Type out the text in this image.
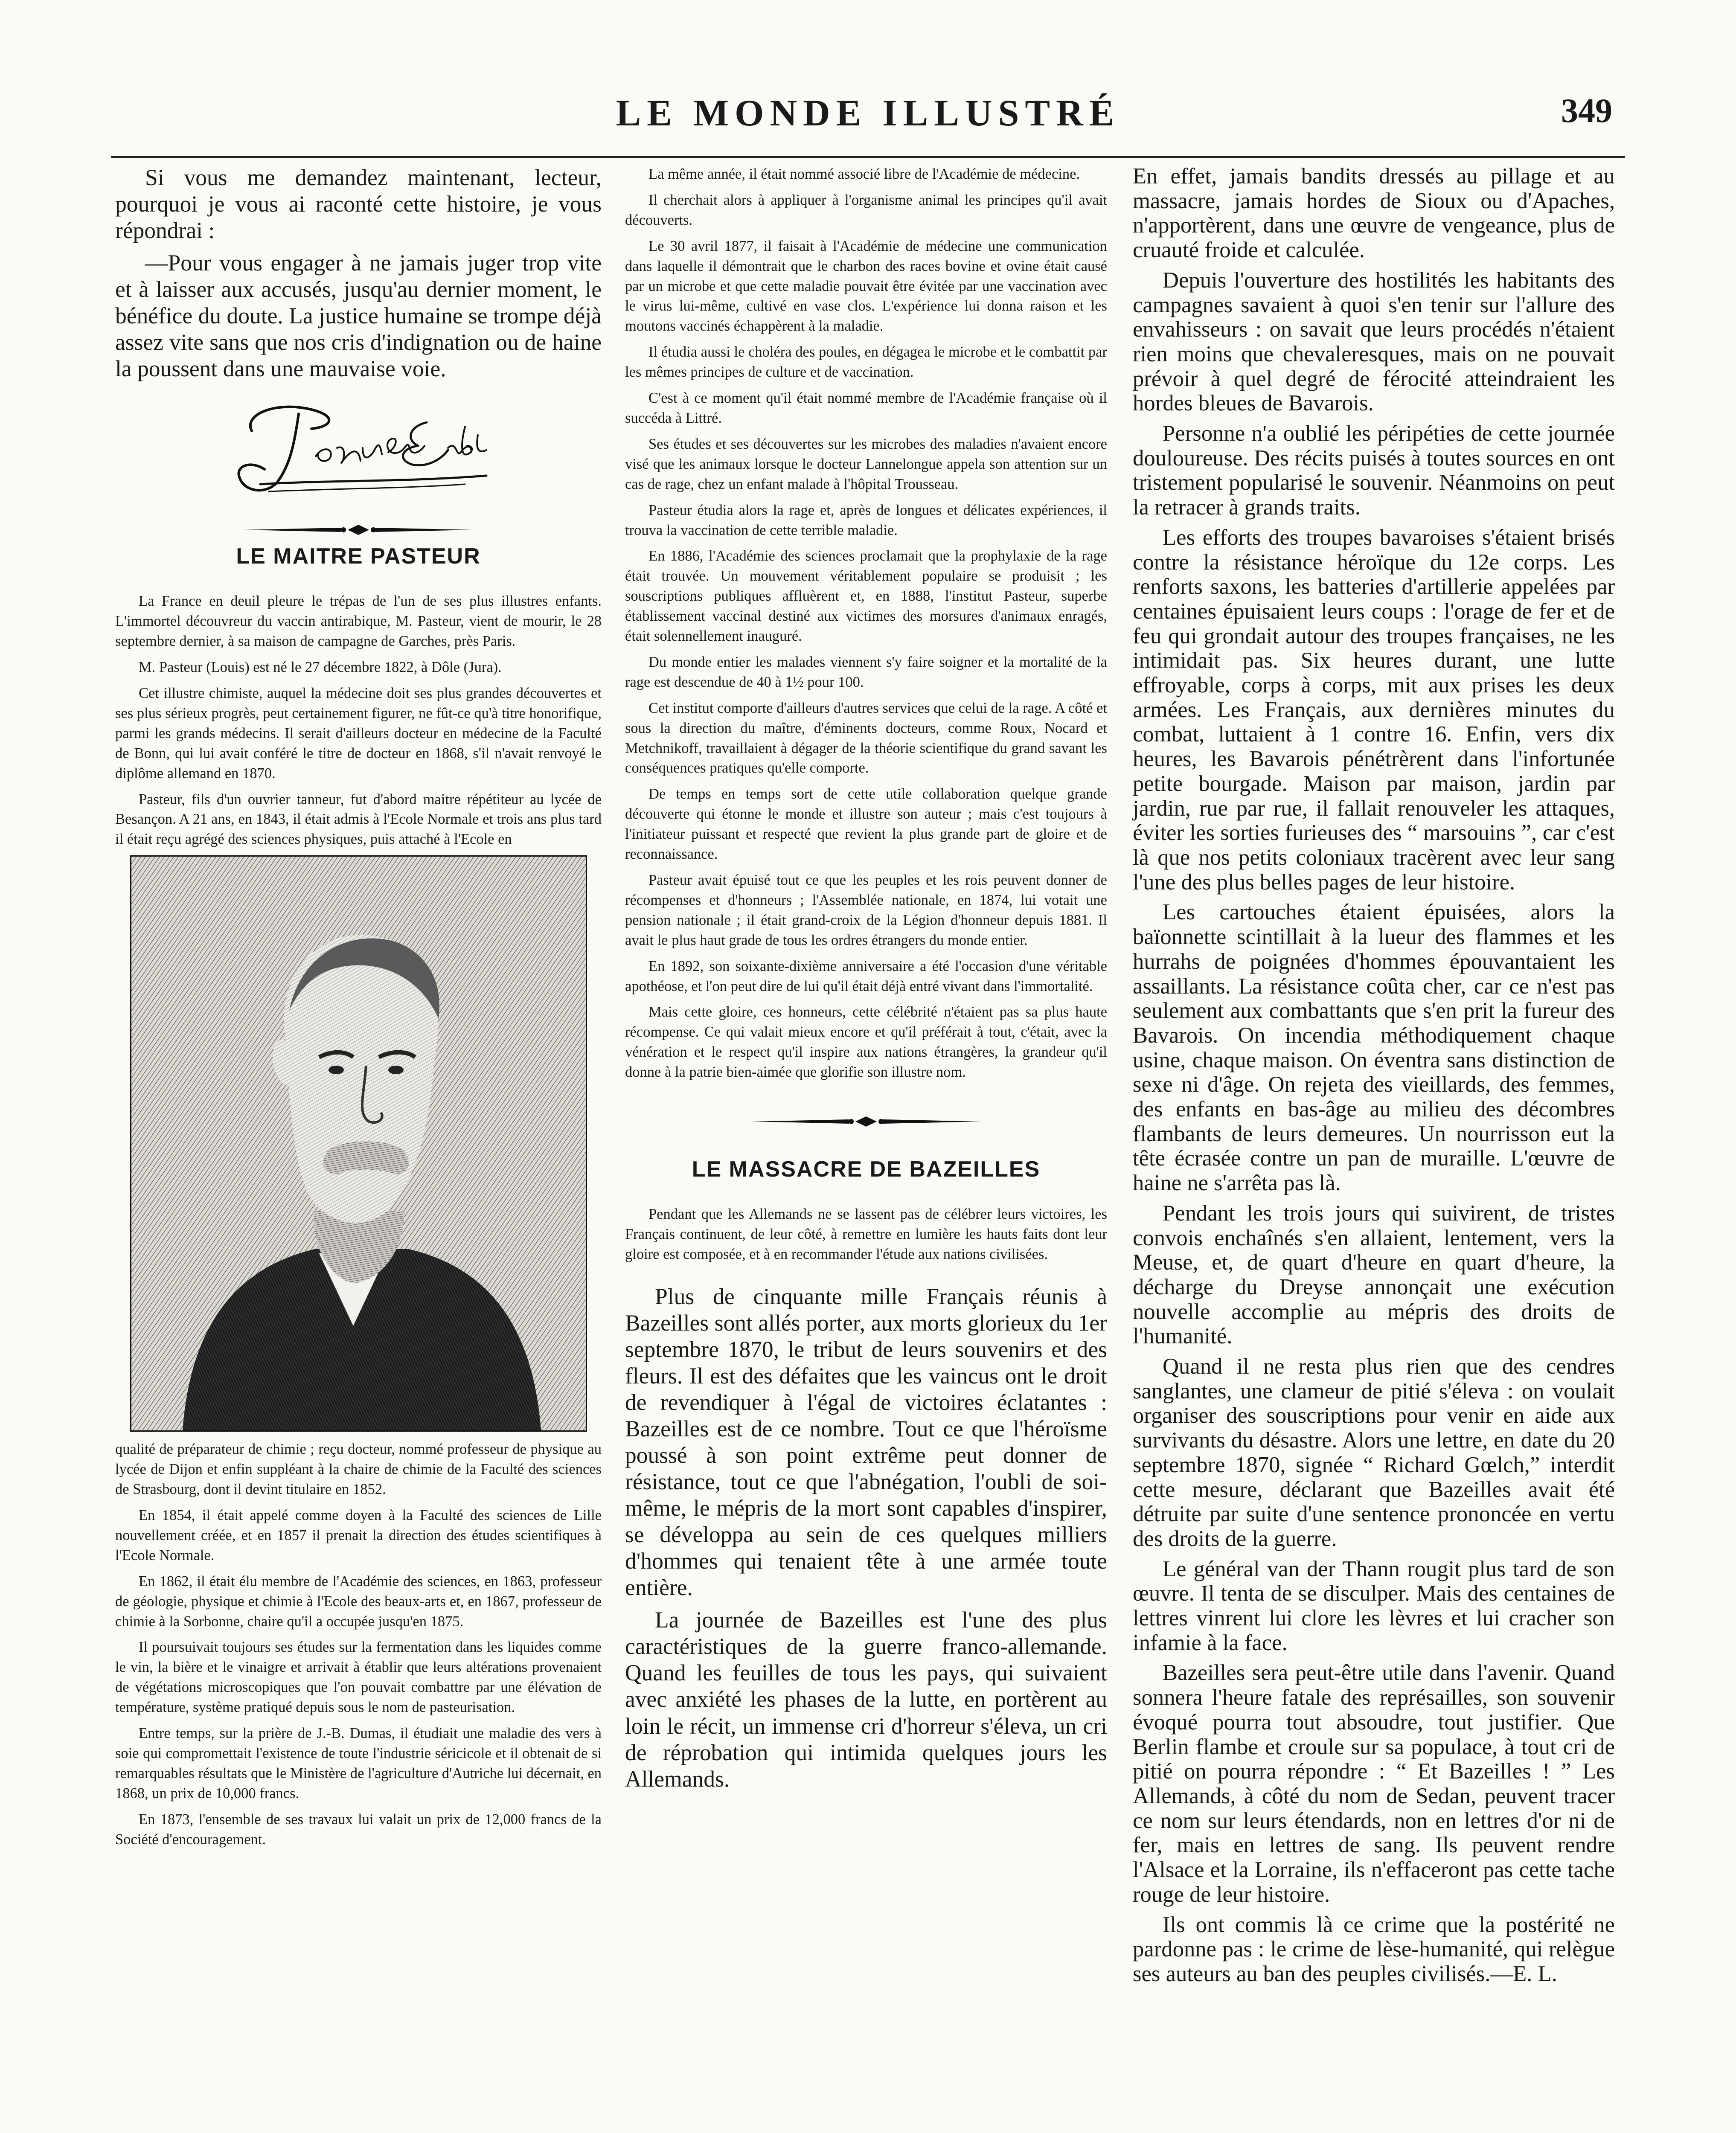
LE MONDE ILLUSTRÉ	349

Si vous me demandez maintenant, lecteur, pourquoi je vous ai raconté cette histoire, je vous répondrai :

—Pour vous engager à ne jamais juger trop vite et à laisser aux accusés, jusqu'au dernier moment, le bénéfice du doute. La justice humaine se trompe déjà assez vite sans que nos cris d'indignation ou de haine la poussent dans une mauvaise voie.

LE MAITRE PASTEUR

La France en deuil pleure le trépas de l'un de ses plus illustres enfants. L'immortel découvreur du vaccin antirabique, M. Pasteur, vient de mourir, le 28 septembre dernier, à sa maison de campagne de Garches, près Paris.

M. Pasteur (Louis) est né le 27 décembre 1822, à Dôle (Jura).

Cet illustre chimiste, auquel la médecine doit ses plus grandes découvertes et ses plus sérieux progrès, peut certainement figurer, ne fût-ce qu'à titre honorifique, parmi les grands médecins. Il serait d'ailleurs docteur en médecine de la Faculté de Bonn, qui lui avait conféré le titre de docteur en 1868, s'il n'avait renvoyé le diplôme allemand en 1870.

Pasteur, fils d'un ouvrier tanneur, fut d'abord maitre répétiteur au lycée de Besançon. A 21 ans, en 1843, il était admis à l'Ecole Normale et trois ans plus tard il était reçu agrégé des sciences physiques, puis attaché à l'Ecole en

qualité de préparateur de chimie ; reçu docteur, nommé professeur de physique au lycée de Dijon et enfin suppléant à la chaire de chimie de la Faculté des sciences de Strasbourg, dont il devint titulaire en 1852.

En 1854, il était appelé comme doyen à la Faculté des sciences de Lille nouvellement créée, et en 1857 il prenait la direction des études scientifiques à l'Ecole Normale.

En 1862, il était élu membre de l'Académie des sciences, en 1863, professeur de géologie, physique et chimie à l'Ecole des beaux-arts et, en 1867, professeur de chimie à la Sorbonne, chaire qu'il a occupée jusqu'en 1875.

Il poursuivait toujours ses études sur la fermentation dans les liquides comme le vin, la bière et le vinaigre et arrivait à établir que leurs altérations provenaient de végétations microscopiques que l'on pouvait combattre par une élévation de température, système pratiqué depuis sous le nom de pasteurisation.

Entre temps, sur la prière de J.-B. Dumas, il étudiait une maladie des vers à soie qui compromettait l'existence de toute l'industrie séricicole et il obtenait de si remarquables résultats que le Ministère de l'agriculture d'Autriche lui décernait, en 1868, un prix de 10,000 francs.

En 1873, l'ensemble de ses travaux lui valait un prix de 12,000 francs de la Société d'encouragement.

La même année, il était nommé associé libre de l'Académie de médecine.

Il cherchait alors à appliquer à l'organisme animal les principes qu'il avait découverts.

Le 30 avril 1877, il faisait à l'Académie de médecine une communication dans laquelle il démontrait que le charbon des races bovine et ovine était causé par un microbe et que cette maladie pouvait être évitée par une vaccination avec le virus lui-même, cultivé en vase clos. L'expérience lui donna raison et les moutons vaccinés échappèrent à la maladie.

Il étudia aussi le choléra des poules, en dégagea le microbe et le combattit par les mêmes principes de culture et de vaccination.

C'est à ce moment qu'il était nommé membre de l'Académie française où il succéda à Littré.

Ses études et ses découvertes sur les microbes des maladies n'avaient encore visé que les animaux lorsque le docteur Lannelongue appela son attention sur un cas de rage, chez un enfant malade à l'hôpital Trousseau.

Pasteur étudia alors la rage et, après de longues et délicates expériences, il trouva la vaccination de cette terrible maladie.

En 1886, l'Académie des sciences proclamait que la prophylaxie de la rage était trouvée. Un mouvement véritablement populaire se produisit ; les souscriptions publiques affluèrent et, en 1888, l'institut Pasteur, superbe établissement vaccinal destiné aux victimes des morsures d'animaux enragés, était solennellement inauguré.

Du monde entier les malades viennent s'y faire soigner et la mortalité de la rage est descendue de 40 à 1½ pour 100.

Cet institut comporte d'ailleurs d'autres services que celui de la rage. A côté et sous la direction du maître, d'éminents docteurs, comme Roux, Nocard et Metchnikoff, travaillaient à dégager de la théorie scientifique du grand savant les conséquences pratiques qu'elle comporte.

De temps en temps sort de cette utile collaboration quelque grande découverte qui étonne le monde et illustre son auteur ; mais c'est toujours à l'initiateur puissant et respecté que revient la plus grande part de gloire et de reconnaissance.

Pasteur avait épuisé tout ce que les peuples et les rois peuvent donner de récompenses et d'honneurs ; l'Assemblée nationale, en 1874, lui votait une pension nationale ; il était grand-croix de la Légion d'honneur depuis 1881. Il avait le plus haut grade de tous les ordres étrangers du monde entier.

En 1892, son soixante-dixième anniversaire a été l'occasion d'une véritable apothéose, et l'on peut dire de lui qu'il était déjà entré vivant dans l'immortalité.

Mais cette gloire, ces honneurs, cette célébrité n'étaient pas sa plus haute récompense. Ce qui valait mieux encore et qu'il préférait à tout, c'était, avec la vénération et le respect qu'il inspire aux nations étrangères, la grandeur qu'il donne à la patrie bien-aimée que glorifie son illustre nom.

LE MASSACRE DE BAZEILLES

Pendant que les Allemands ne se lassent pas de célébrer leurs victoires, les Français continuent, de leur côté, à remettre en lumière les hauts faits dont leur gloire est composée, et à en recommander l'étude aux nations civilisées.

Plus de cinquante mille Français réunis à Bazeilles sont allés porter, aux morts glorieux du 1er septembre 1870, le tribut de leurs souvenirs et des fleurs. Il est des défaites que les vaincus ont le droit de revendiquer à l'égal de victoires éclatantes : Bazeilles est de ce nombre. Tout ce que l'héroïsme poussé à son point extrême peut donner de résistance, tout ce que l'abnégation, l'oubli de soi-même, le mépris de la mort sont capables d'inspirer, se développa au sein de ces quelques milliers d'hommes qui tenaient tête à une armée toute entière.

La journée de Bazeilles est l'une des plus caractéristiques de la guerre franco-allemande. Quand les feuilles de tous les pays, qui suivaient avec anxiété les phases de la lutte, en portèrent au loin le récit, un immense cri d'horreur s'éleva, un cri de réprobation qui intimida quelques jours les Allemands.

En effet, jamais bandits dressés au pillage et au massacre, jamais hordes de Sioux ou d'Apaches, n'apportèrent, dans une œuvre de vengeance, plus de cruauté froide et calculée.

Depuis l'ouverture des hostilités les habitants des campagnes savaient à quoi s'en tenir sur l'allure des envahisseurs : on savait que leurs procédés n'étaient rien moins que chevaleresques, mais on ne pouvait prévoir à quel degré de férocité atteindraient les hordes bleues de Bavarois.

Personne n'a oublié les péripéties de cette journée douloureuse. Des récits puisés à toutes sources en ont tristement popularisé le souvenir. Néanmoins on peut la retracer à grands traits.

Les efforts des troupes bavaroises s'étaient brisés contre la résistance héroïque du 12e corps. Les renforts saxons, les batteries d'artillerie appelées par centaines épuisaient leurs coups : l'orage de fer et de feu qui grondait autour des troupes françaises, ne les intimidait pas. Six heures durant, une lutte effroyable, corps à corps, mit aux prises les deux armées. Les Français, aux dernières minutes du combat, luttaient à 1 contre 16. Enfin, vers dix heures, les Bavarois pénétrèrent dans l'infortunée petite bourgade. Maison par maison, jardin par jardin, rue par rue, il fallait renouveler les attaques, éviter les sorties furieuses des “ marsouins ”, car c'est là que nos petits coloniaux tracèrent avec leur sang l'une des plus belles pages de leur histoire.

Les cartouches étaient épuisées, alors la baïonnette scintillait à la lueur des flammes et les hurrahs de poignées d'hommes épouvantaient les assaillants. La résistance coûta cher, car ce n'est pas seulement aux combattants que s'en prit la fureur des Bavarois. On incendia méthodiquement chaque usine, chaque maison. On éventra sans distinction de sexe ni d'âge. On rejeta des vieillards, des femmes, des enfants en bas-âge au milieu des décombres flambants de leurs demeures. Un nourrisson eut la tête écrasée contre un pan de muraille. L'œuvre de haine ne s'arrêta pas là.

Pendant les trois jours qui suivirent, de tristes convois enchaînés s'en allaient, lentement, vers la Meuse, et, de quart d'heure en quart d'heure, la décharge du Dreyse annonçait une exécution nouvelle accomplie au mépris des droits de l'humanité.

Quand il ne resta plus rien que des cendres sanglantes, une clameur de pitié s'éleva : on voulait organiser des souscriptions pour venir en aide aux survivants du désastre. Alors une lettre, en date du 20 septembre 1870, signée “ Richard Gœlch,” interdit cette mesure, déclarant que Bazeilles avait été détruite par suite d'une sentence prononcée en vertu des droits de la guerre.

Le général van der Thann rougit plus tard de son œuvre. Il tenta de se disculper. Mais des centaines de lettres vinrent lui clore les lèvres et lui cracher son infamie à la face.

Bazeilles sera peut-être utile dans l'avenir. Quand sonnera l'heure fatale des représailles, son souvenir évoqué pourra tout absoudre, tout justifier. Que Berlin flambe et croule sur sa populace, à tout cri de pitié on pourra répondre : “ Et Bazeilles ! ” Les Allemands, à côté du nom de Sedan, peuvent tracer ce nom sur leurs étendards, non en lettres d'or ni de fer, mais en lettres de sang. Ils peuvent rendre l'Alsace et la Lorraine, ils n'effaceront pas cette tache rouge de leur histoire.

Ils ont commis là ce crime que la postérité ne pardonne pas : le crime de lèse-humanité, qui relègue ses auteurs au ban des peuples civilisés.—E. L.
